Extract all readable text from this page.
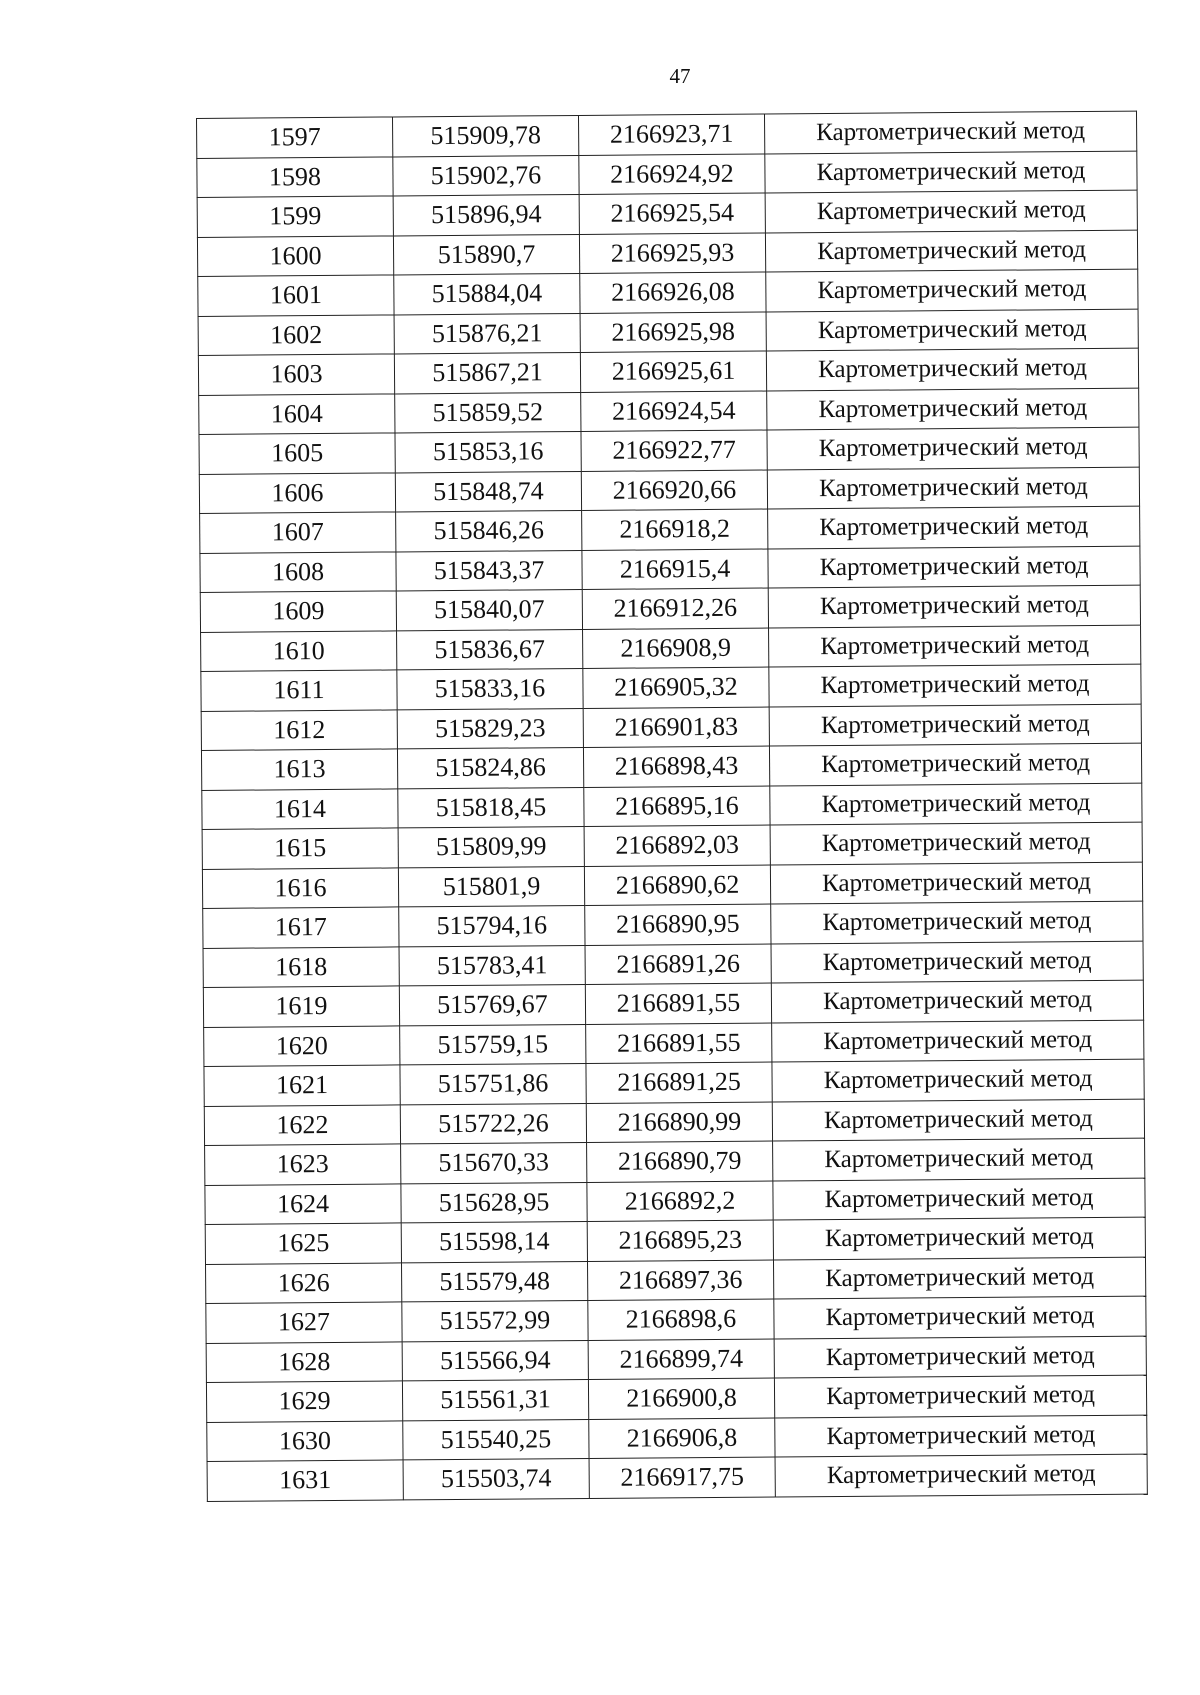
47
1597	515909,78	2166923,71	Картометрический метод
1598	515902,76	2166924,92	Картометрический метод
1599	515896,94	2166925,54	Картометрический метод
1600	515890,7	2166925,93	Картометрический метод
1601	515884,04	2166926,08	Картометрический метод
1602	515876,21	2166925,98	Картометрический метод
1603	515867,21	2166925,61	Картометрический метод
1604	515859,52	2166924,54	Картометрический метод
1605	515853,16	2166922,77	Картометрический метод
1606	515848,74	2166920,66	Картометрический метод
1607	515846,26	2166918,2	Картометрический метод
1608	515843,37	2166915,4	Картометрический метод
1609	515840,07	2166912,26	Картометрический метод
1610	515836,67	2166908,9	Картометрический метод
1611	515833,16	2166905,32	Картометрический метод
1612	515829,23	2166901,83	Картометрический метод
1613	515824,86	2166898,43	Картометрический метод
1614	515818,45	2166895,16	Картометрический метод
1615	515809,99	2166892,03	Картометрический метод
1616	515801,9	2166890,62	Картометрический метод
1617	515794,16	2166890,95	Картометрический метод
1618	515783,41	2166891,26	Картометрический метод
1619	515769,67	2166891,55	Картометрический метод
1620	515759,15	2166891,55	Картометрический метод
1621	515751,86	2166891,25	Картометрический метод
1622	515722,26	2166890,99	Картометрический метод
1623	515670,33	2166890,79	Картометрический метод
1624	515628,95	2166892,2	Картометрический метод
1625	515598,14	2166895,23	Картометрический метод
1626	515579,48	2166897,36	Картометрический метод
1627	515572,99	2166898,6	Картометрический метод
1628	515566,94	2166899,74	Картометрический метод
1629	515561,31	2166900,8	Картометрический метод
1630	515540,25	2166906,8	Картометрический метод
1631	515503,74	2166917,75	Картометрический метод
